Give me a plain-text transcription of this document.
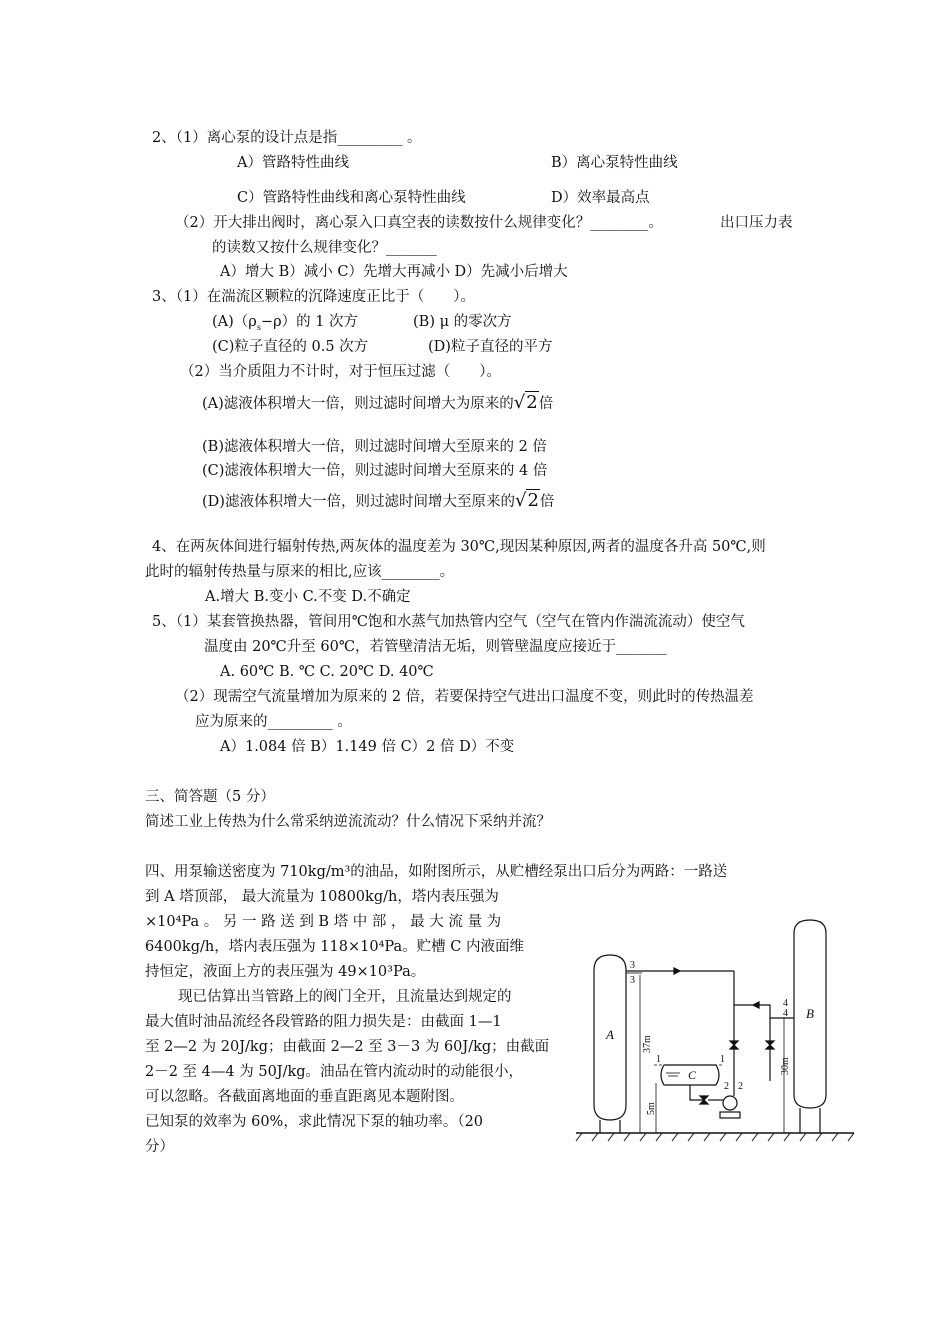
2、（1）离心泵的设计点是指_________ 。
A）管路特性曲线	B）离心泵特性曲线
C）管路特性曲线和离心泵特性曲线	D）效率最高点
（2）开大排出阀时，离心泵入口真空表的读数按什么规律变化？________。	出口压力表
的读数又按什么规律变化？_______
A）增大 B）减小 C）先增大再减小 D）先减小后增大
3、（1）在湍流区颗粒的沉降速度正比于（　　）。
$(A)(\rho_s-\rho)$的 1 次方	(B) μ 的零次方
(C)粒子直径的 0.5 次方	(D)粒子直径的平方
（2）当介质阻力不计时，对于恒压过滤（　　）。
(A)滤液体积增大一倍，则过滤时间增大为原来的√2倍
(B)滤液体积增大一倍，则过滤时间增大至原来的 2 倍
(C)滤液体积增大一倍，则过滤时间增大至原来的 4 倍
(D)滤液体积增大一倍，则过滤时间增大至原来的√2倍
4、在两灰体间进行辐射传热,两灰体的温度差为 30℃,现因某种原因,两者的温度各升高 50℃,则
此时的辐射传热量与原来的相比,应该________。
A.增大 B.变小 C.不变 D.不确定
5、（1）某套管换热器，管间用℃饱和水蒸气加热管内空气（空气在管内作湍流流动）使空气
温度由 20℃升至 60℃，若管壁清洁无垢，则管壁温度应接近于_______
A. 60℃ B. ℃ C. 20℃ D. 40℃
（2）现需空气流量增加为原来的 2 倍，若要保持空气进出口温度不变，则此时的传热温差
应为原来的_________ 。
A）1.084 倍 B）1.149 倍 C）2 倍 D）不变
三、简答题（5 分）
简述工业上传热为什么常采纳逆流流动？什么情况下采纳并流？
四、用泵输送密度为 710kg/m³的油品，如附图所示，从贮槽经泵出口后分为两路：一路送
到 A 塔顶部， 最大流量为 10800kg/h，塔内表压强为
×10⁴Pa 。 另 一 路 送 到 B 塔 中 部 ， 最 大 流 量 为
6400kg/h，塔内表压强为 118×10⁴Pa。贮槽 C 内液面维
持恒定，液面上方的表压强为 49×10³Pa。
现已估算出当管路上的阀门全开，且流量达到规定的
最大值时油品流经各段管路的阻力损失是：由截面 1—1
至 2—2 为 20J/kg；由截面 2—2 至 3－3 为 60J/kg；由截面
2－2 至 4—4 为 50J/kg。油品在管内流动时的动能很小，
可以忽略。各截面离地面的垂直距离见本题附图。
已知泵的效率为 60%，求此情况下泵的轴功率。（20
分）
A
B
3
3
4
4
C
1	1
2 2
37m
5m
30m
